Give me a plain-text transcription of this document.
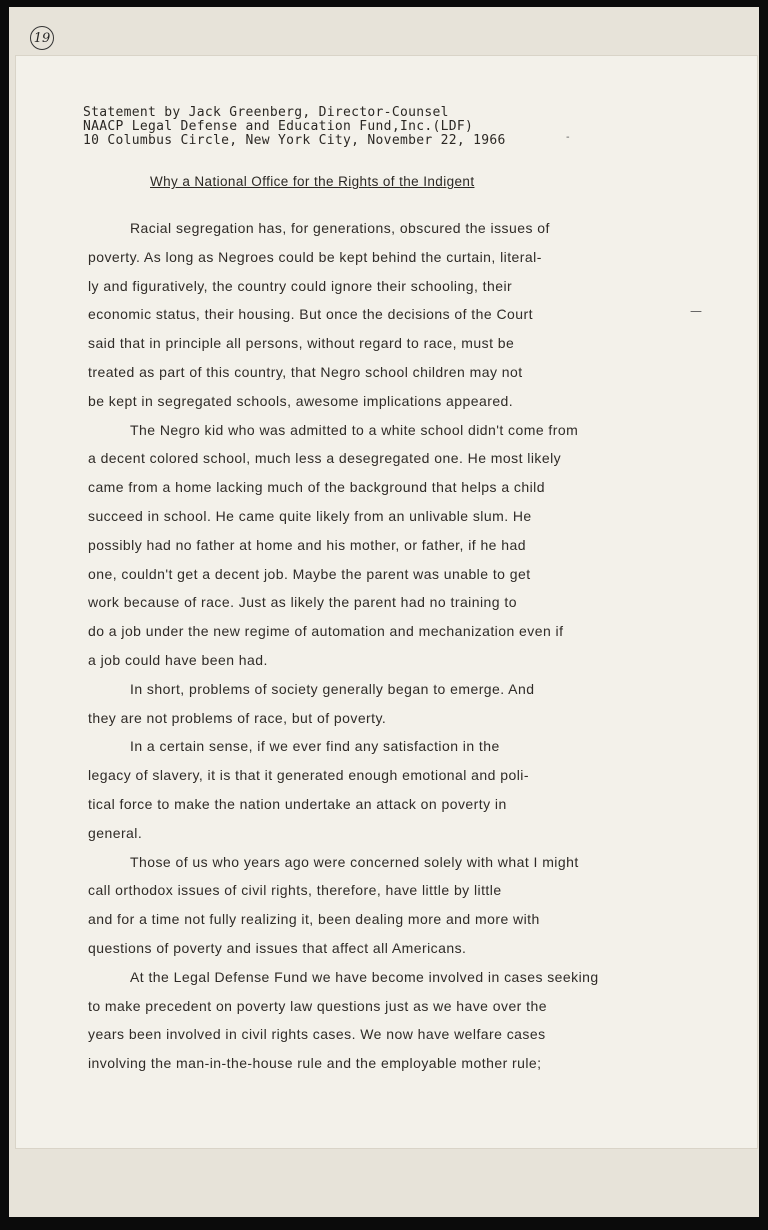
19
Statement by Jack Greenberg, Director-Counsel
NAACP Legal Defense and Education Fund,Inc.(LDF)
10 Columbus Circle, New York City, November 22, 1966
Why a National Office for the Rights of the Indigent
Racial segregation has, for generations, obscured the issues of
poverty. As long as Negroes could be kept behind the curtain, literal-
ly and figuratively, the country could ignore their schooling, their
economic status, their housing. But once the decisions of the Court
said that in principle all persons, without regard to race, must be
treated as part of this country, that Negro school children may not
be kept in segregated schools, awesome implications appeared.
The Negro kid who was admitted to a white school didn't come from
a decent colored school, much less a desegregated one. He most likely
came from a home lacking much of the background that helps a child
succeed in school. He came quite likely from an unlivable slum. He
possibly had no father at home and his mother, or father, if he had
one, couldn't get a decent job. Maybe the parent was unable to get
work because of race. Just as likely the parent had no training to
do a job under the new regime of automation and mechanization even if
a job could have been had.
In short, problems of society generally began to emerge. And
they are not problems of race, but of poverty.
In a certain sense, if we ever find any satisfaction in the
legacy of slavery, it is that it generated enough emotional and poli-
tical force to make the nation undertake an attack on poverty in
general.
Those of us who years ago were concerned solely with what I might
call orthodox issues of civil rights, therefore, have little by little
and for a time not fully realizing it, been dealing more and more with
questions of poverty and issues that affect all Americans.
At the Legal Defense Fund we have become involved in cases seeking
to make precedent on poverty law questions just as we have over the
years been involved in civil rights cases. We now have welfare cases
involving the man-in-the-house rule and the employable mother rule;
-
—
